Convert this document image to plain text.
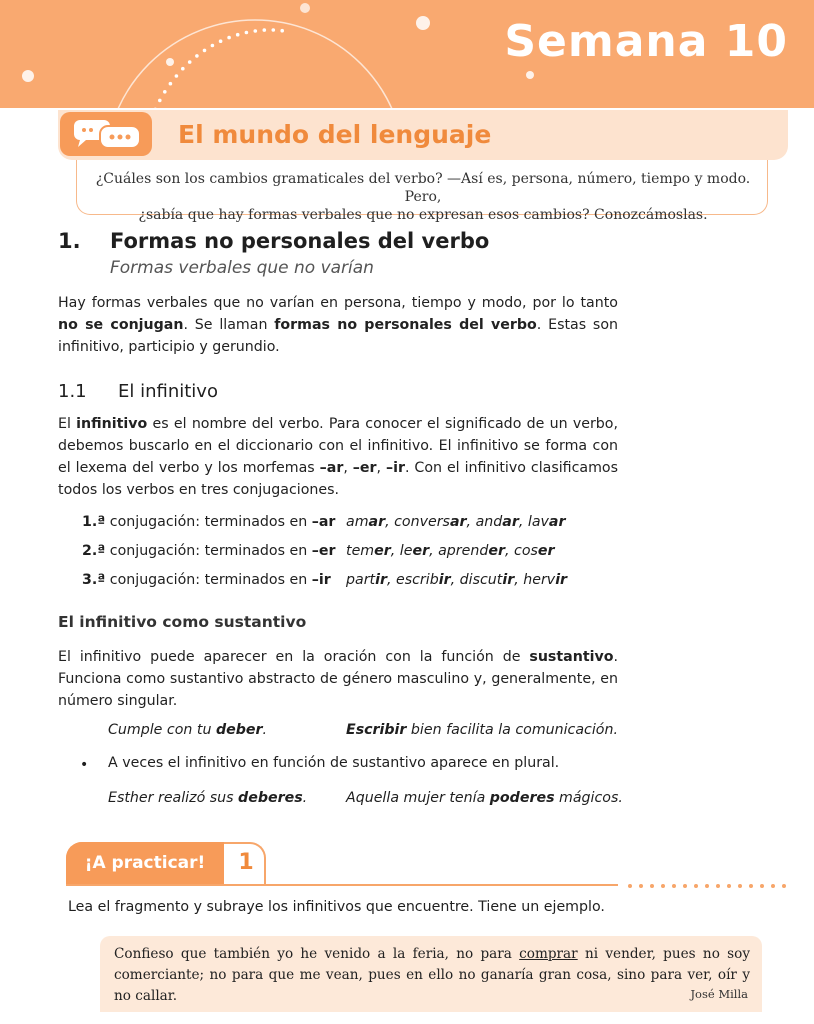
Semana 10
El mundo del lenguaje
¿Cuáles son los cambios gramaticales del verbo? —Así es, persona, número, tiempo y modo. Pero,
¿sabía que hay formas verbales que no expresan esos cambios? Conozcámoslas.
1. Formas no personales del verbo
Formas verbales que no varían
Hay formas verbales que no varían en persona, tiempo y modo, por lo tanto no se conjugan. Se llaman formas no personales del verbo. Estas son infinitivo, participio y gerundio.
1.1 El infinitivo
El infinitivo es el nombre del verbo. Para conocer el significado de un verbo, debemos buscarlo en el diccionario con el infinitivo. El infinitivo se forma con el lexema del verbo y los morfemas –ar, –er, –ir. Con el infinitivo clasificamos todos los verbos en tres conjugaciones.
1.ª conjugación: terminados en –ar amar, conversar, andar, lavar
2.ª conjugación: terminados en –er temer, leer, aprender, coser
3.ª conjugación: terminados en –ir partir, escribir, discutir, hervir
El infinitivo como sustantivo
El infinitivo puede aparecer en la oración con la función de sustantivo. Funciona como sustantivo abstracto de género masculino y, generalmente, en número singular.
Cumple con tu deber.	Escribir bien facilita la comunicación.
• A veces el infinitivo en función de sustantivo aparece en plural.
Esther realizó sus deberes.	Aquella mujer tenía poderes mágicos.
¡A practicar!	1
Lea el fragmento y subraye los infinitivos que encuentre. Tiene un ejemplo.
Confieso que también yo he venido a la feria, no para comprar ni vender, pues no soy comerciante; no para que me vean, pues en ello no ganaría gran cosa, sino para ver, oír y no callar.	José Milla
